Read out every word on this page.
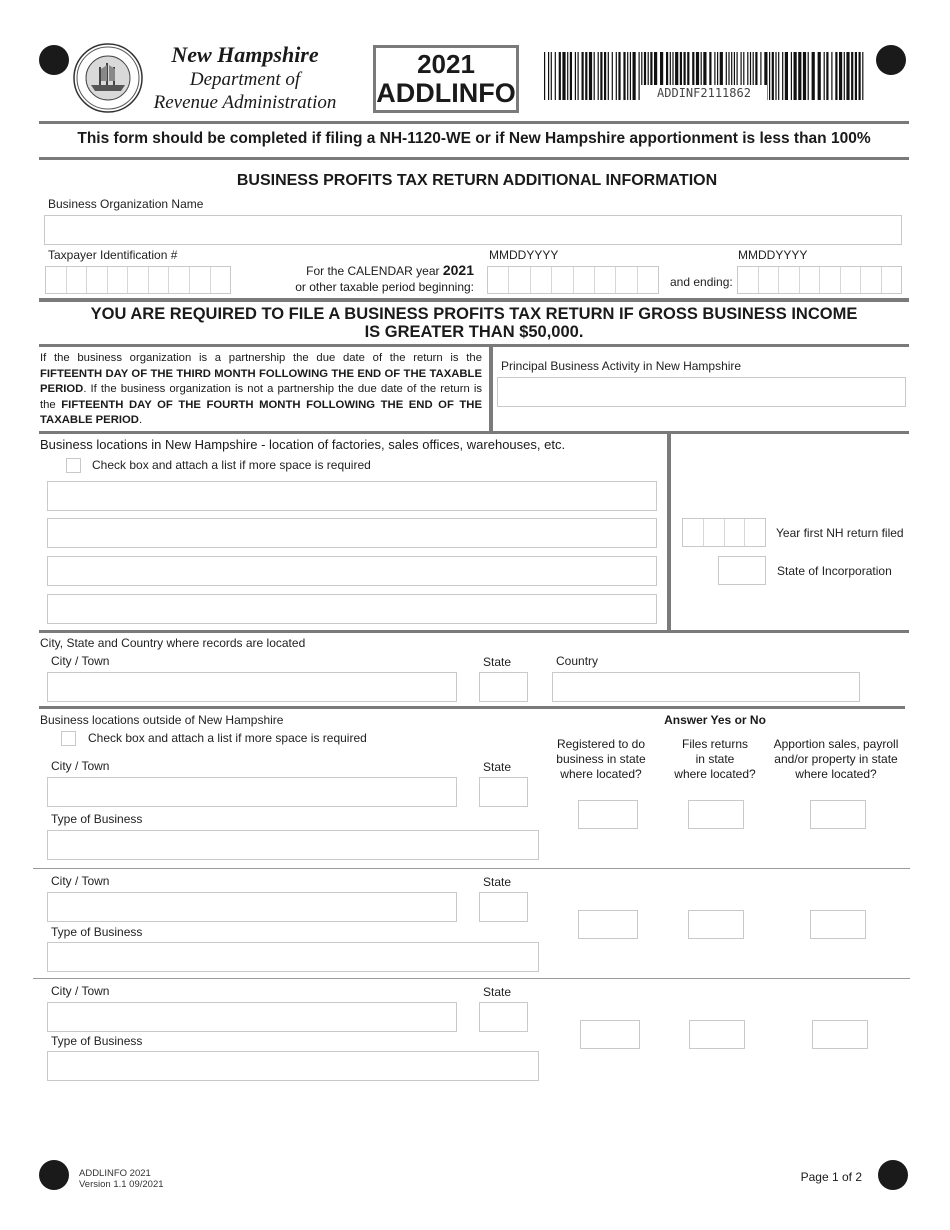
New Hampshire
Department of
Revenue Administration
2021
ADDLINFO	ADDINF2111862
This form should be completed if filing a NH-1120-WE or if New Hampshire apportionment is less than 100%
BUSINESS PROFITS TAX RETURN ADDITIONAL INFORMATION
Business Organization Name
Taxpayer Identification #
For the CALENDAR year 2021
or other taxable period beginning:
MMDDYYYY
and ending:
MMDDYYYY
YOU ARE REQUIRED TO FILE A BUSINESS PROFITS TAX RETURN IF GROSS BUSINESS INCOME
IS GREATER THAN $50,000.
If the business organization is a partnership the due date of the return is the FIFTEENTH DAY OF THE THIRD MONTH FOLLOWING THE END OF THE TAXABLE PERIOD. If the business organization is not a partnership the due date of the return is the FIFTEENTH DAY OF THE FOURTH MONTH FOLLOWING THE END OF THE TAXABLE PERIOD.
Principal Business Activity in New Hampshire
Business locations in New Hampshire - location of factories, sales offices, warehouses, etc.
Check box and attach a list if more space is required
Year first NH return filed
State of Incorporation
City, State and Country where records are located
City / Town	State	Country
Business locations outside of New Hampshire
Check box and attach a list if more space is required
Answer Yes or No
Registered to do
business in state
where located?
Files returns
in state
where located?
Apportion sales, payroll
and/or property in state
where located?
City / Town	State
Type of Business
City / Town	State
Type of Business
City / Town	State
Type of Business
ADDLINFO 2021
Version 1.1 09/2021
Page 1 of 2
